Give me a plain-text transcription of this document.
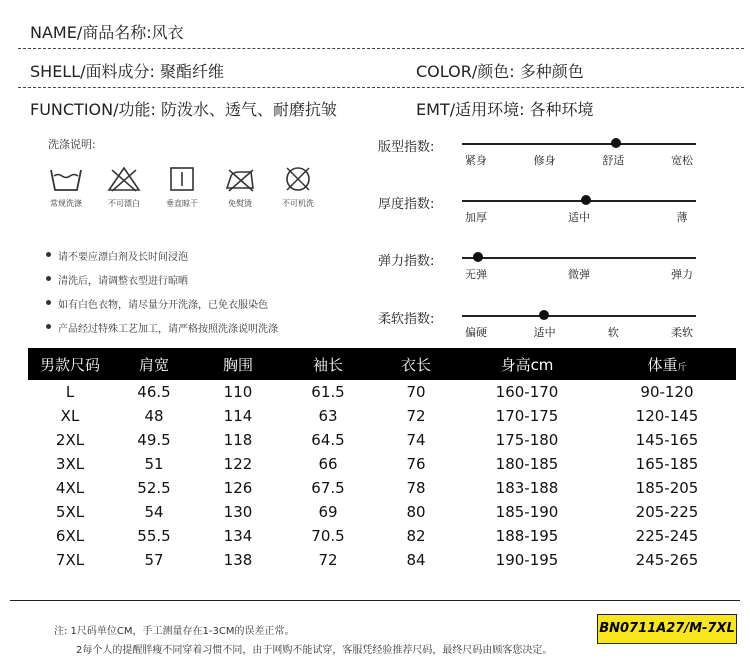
NAME/商品名称:风衣
SHELL/面料成分: 聚酯纤维	COLOR/颜色: 多种颜色
FUNCTION/功能: 防泼水、透气、耐磨抗皱	EMT/适用环境: 各种环境
洗涤说明:
常规洗涤	不可漂白	垂直晾干	免熨烫	不可机洗
请不要应漂白剂及长时间浸泡
清洗后，请调整衣型进行晾晒
如有白色衣物，请尽量分开洗涤，已免衣服染色
产品经过特殊工艺加工，请严格按照洗涤说明洗涤
版型指数:
紧身	修身	舒适	宽松
厚度指数:
加厚	适中	薄
弹力指数:
无弹	微弹	弹力
柔软指数:
偏硬	适中	软	柔软
男款尺码	肩宽	胸围	袖长	衣长	身高cm	体重斤
L	46.5	110	61.5	70	160-170	90-120
XL	48	114	63	72	170-175	120-145
2XL	49.5	118	64.5	74	175-180	145-165
3XL	51	122	66	76	180-185	165-185
4XL	52.5	126	67.5	78	183-188	185-205
5XL	54	130	69	80	185-190	205-225
6XL	55.5	134	70.5	82	188-195	225-245
7XL	57	138	72	84	190-195	245-265
注: 1尺码单位CM，手工测量存在1-3CM的误差正常。
2每个人的提醒胖瘦不同穿着习惯不同，由于网购不能试穿，客服凭经验推荐尺码，最终尺码由顾客您决定。
BN0711A27/M-7XL
